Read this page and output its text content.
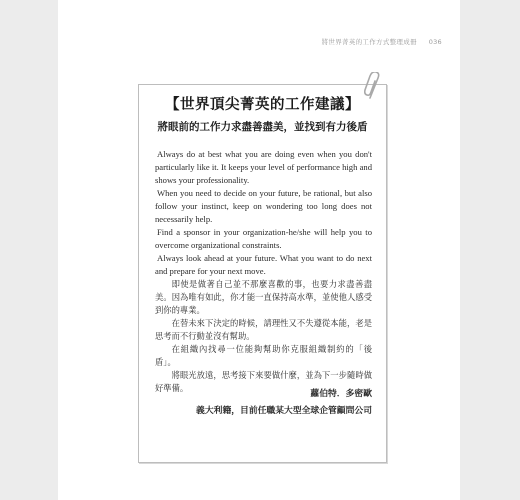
將世界菁英的工作方式整理成冊 036
【世界頂尖菁英的工作建議】
將眼前的工作力求盡善盡美，並找到有力後盾

Always do at best what you are doing even when you don't particularly like it. It keeps your level of performance high and shows your professionality.

When you need to decide on your future, be rational, but also follow your instinct, keep on wondering too long does not necessarily help.

Find a sponsor in your organization-he/she will help you to overcome organizational constraints.

Always look ahead at your future. What you want to do next and prepare for your next move.

即使是做著自己並不那麼喜歡的事，也要力求盡善盡美。因為唯有如此，你才能一直保持高水準，並使他人感受到你的專業。

在替未來下決定的時候，請理性又不失遵從本能，老是思考而不行動並沒有幫助。

在組織內找尋一位能夠幫助你克服組織制約的「後盾」。

將眼光放遠，思考接下來要做什麼，並為下一步隨時做好準備。

蘿伯特．多密歐
義大利籍，目前任職某大型全球企管顧問公司
